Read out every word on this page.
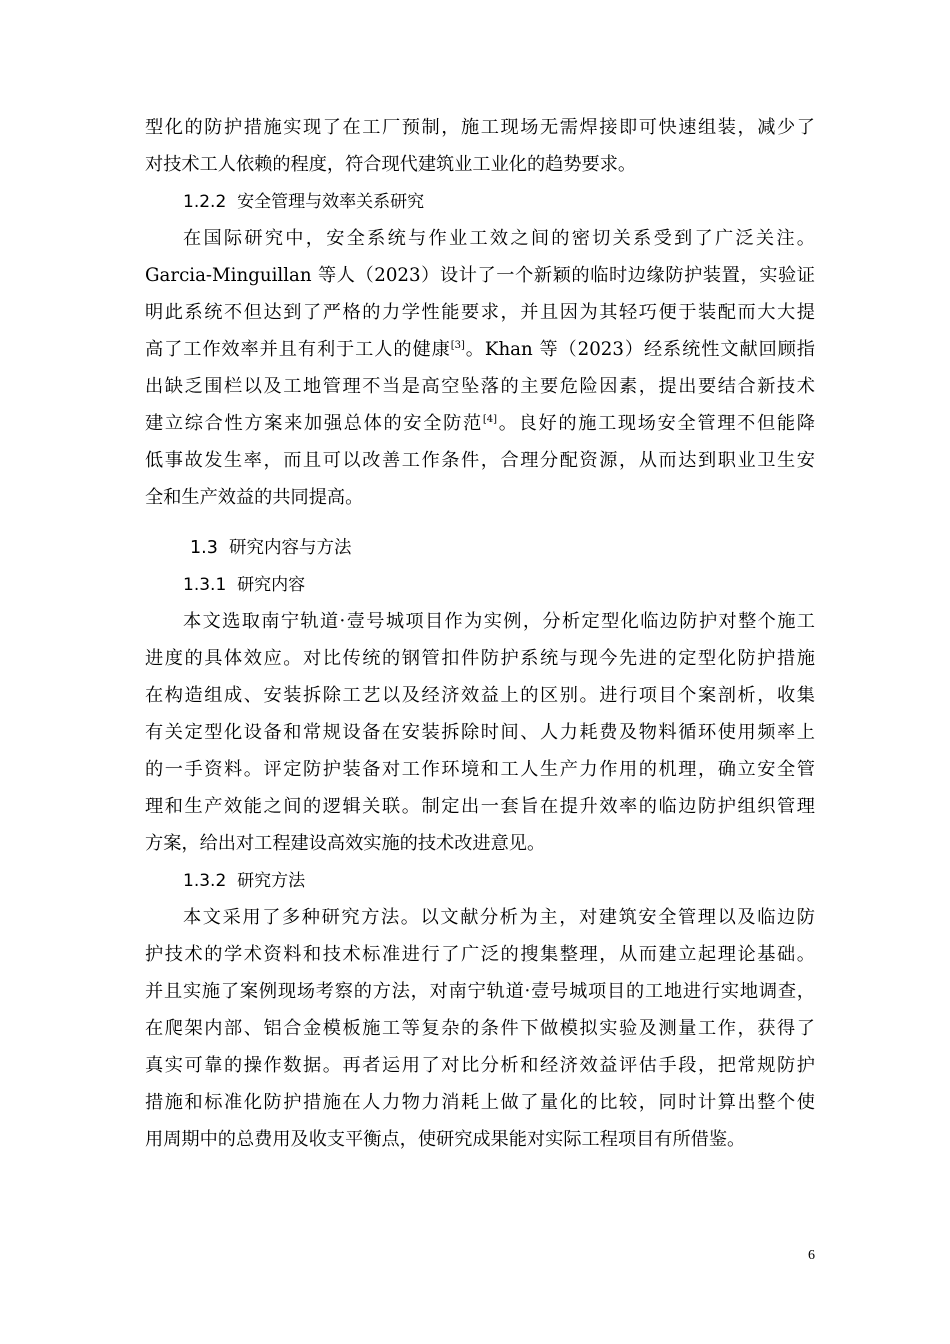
型化的防护措施实现了在工厂预制，施工现场无需焊接即可快速组装，减少了
对技术工人依赖的程度，符合现代建筑业工业化的趋势要求。
1.2.2 安全管理与效率关系研究
在国际研究中，安全系统与作业工效之间的密切关系受到了广泛关注。
Garcia-Minguillan 等人（2023）设计了一个新颖的临时边缘防护装置，实验证
明此系统不但达到了严格的力学性能要求，并且因为其轻巧便于装配而大大提
高了工作效率并且有利于工人的健康[3]。Khan 等（2023）经系统性文献回顾指
出缺乏围栏以及工地管理不当是高空坠落的主要危险因素，提出要结合新技术
建立综合性方案来加强总体的安全防范[4]。良好的施工现场安全管理不但能降
低事故发生率，而且可以改善工作条件，合理分配资源，从而达到职业卫生安
全和生产效益的共同提高。
1.3 研究内容与方法
1.3.1 研究内容
本文选取南宁轨道·壹号城项目作为实例，分析定型化临边防护对整个施工
进度的具体效应。对比传统的钢管扣件防护系统与现今先进的定型化防护措施
在构造组成、安装拆除工艺以及经济效益上的区别。进行项目个案剖析，收集
有关定型化设备和常规设备在安装拆除时间、人力耗费及物料循环使用频率上
的一手资料。评定防护装备对工作环境和工人生产力作用的机理，确立安全管
理和生产效能之间的逻辑关联。制定出一套旨在提升效率的临边防护组织管理
方案，给出对工程建设高效实施的技术改进意见。
1.3.2 研究方法
本文采用了多种研究方法。以文献分析为主，对建筑安全管理以及临边防
护技术的学术资料和技术标准进行了广泛的搜集整理，从而建立起理论基础。
并且实施了案例现场考察的方法，对南宁轨道·壹号城项目的工地进行实地调查，
在爬架内部、铝合金模板施工等复杂的条件下做模拟实验及测量工作，获得了
真实可靠的操作数据。再者运用了对比分析和经济效益评估手段，把常规防护
措施和标准化防护措施在人力物力消耗上做了量化的比较，同时计算出整个使
用周期中的总费用及收支平衡点，使研究成果能对实际工程项目有所借鉴。
6
